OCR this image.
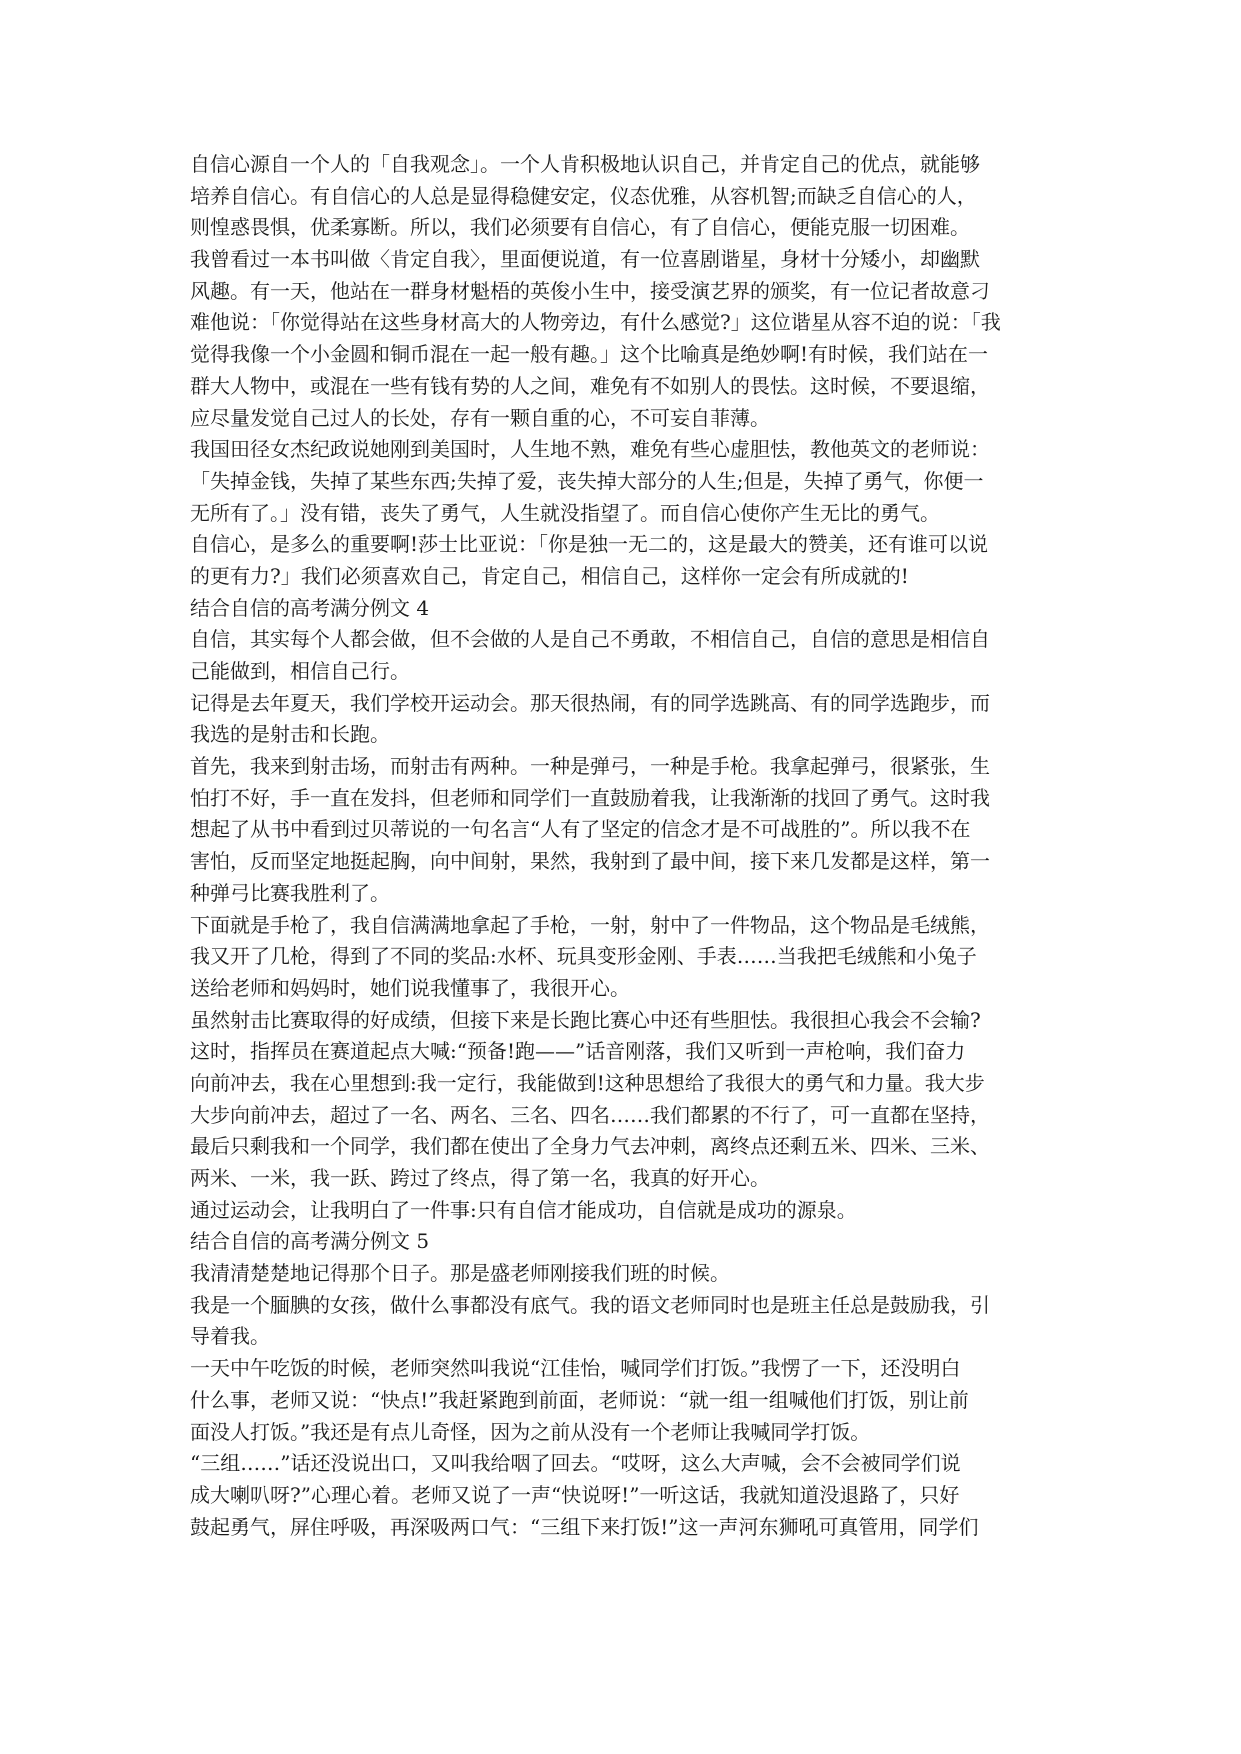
自信心源自一个人的「自我观念」。一个人肯积极地认识自己，并肯定自己的优点，就能够
培养自信心。有自信心的人总是显得稳健安定，仪态优雅，从容机智;而缺乏自信心的人，
则惶惑畏惧，优柔寡断。所以，我们必须要有自信心，有了自信心，便能克服一切困难。
我曾看过一本书叫做〈肯定自我〉，里面便说道，有一位喜剧谐星，身材十分矮小，却幽默
风趣。有一天，他站在一群身材魁梧的英俊小生中，接受演艺界的颁奖，有一位记者故意刁
难他说：「你觉得站在这些身材高大的人物旁边，有什么感觉?」这位谐星从容不迫的说：「我
觉得我像一个小金圆和铜币混在一起一般有趣。」这个比喻真是绝妙啊!有时候，我们站在一
群大人物中，或混在一些有钱有势的人之间，难免有不如别人的畏怯。这时候，不要退缩，
应尽量发觉自己过人的长处，存有一颗自重的心，不可妄自菲薄。
我国田径女杰纪政说她刚到美国时，人生地不熟，难免有些心虚胆怯，教他英文的老师说：
「失掉金钱，失掉了某些东西;失掉了爱，丧失掉大部分的人生;但是，失掉了勇气，你便一
无所有了。」没有错，丧失了勇气，人生就没指望了。而自信心使你产生无比的勇气。
自信心，是多么的重要啊!莎士比亚说：「你是独一无二的，这是最大的赞美，还有谁可以说
的更有力?」我们必须喜欢自己，肯定自己，相信自己，这样你一定会有所成就的!
结合自信的高考满分例文 4
自信，其实每个人都会做，但不会做的人是自己不勇敢，不相信自己，自信的意思是相信自
己能做到，相信自己行。
记得是去年夏天，我们学校开运动会。那天很热闹，有的同学选跳高、有的同学选跑步，而
我选的是射击和长跑。
首先，我来到射击场，而射击有两种。一种是弹弓，一种是手枪。我拿起弹弓，很紧张，生
怕打不好，手一直在发抖，但老师和同学们一直鼓励着我，让我渐渐的找回了勇气。这时我
想起了从书中看到过贝蒂说的一句名言“人有了坚定的信念才是不可战胜的”。所以我不在
害怕，反而坚定地挺起胸，向中间射，果然，我射到了最中间，接下来几发都是这样，第一
种弹弓比赛我胜利了。
下面就是手枪了，我自信满满地拿起了手枪，一射，射中了一件物品，这个物品是毛绒熊，
我又开了几枪，得到了不同的奖品:水杯、玩具变形金刚、手表……当我把毛绒熊和小兔子
送给老师和妈妈时，她们说我懂事了，我很开心。
虽然射击比赛取得的好成绩，但接下来是长跑比赛心中还有些胆怯。我很担心我会不会输?
这时，指挥员在赛道起点大喊:“预备!跑——”话音刚落，我们又听到一声枪响，我们奋力
向前冲去，我在心里想到:我一定行，我能做到!这种思想给了我很大的勇气和力量。我大步
大步向前冲去，超过了一名、两名、三名、四名……我们都累的不行了，可一直都在坚持，
最后只剩我和一个同学，我们都在使出了全身力气去冲刺，离终点还剩五米、四米、三米、
两米、一米，我一跃、跨过了终点，得了第一名，我真的好开心。
通过运动会，让我明白了一件事:只有自信才能成功，自信就是成功的源泉。
结合自信的高考满分例文 5
我清清楚楚地记得那个日子。那是盛老师刚接我们班的时候。
我是一个腼腆的女孩，做什么事都没有底气。我的语文老师同时也是班主任总是鼓励我，引
导着我。
一天中午吃饭的时候，老师突然叫我说“江佳怡，喊同学们打饭。”我愣了一下，还没明白
什么事，老师又说：“快点!”我赶紧跑到前面，老师说：“就一组一组喊他们打饭，别让前
面没人打饭。”我还是有点儿奇怪，因为之前从没有一个老师让我喊同学打饭。
“三组……”话还没说出口，又叫我给咽了回去。“哎呀，这么大声喊，会不会被同学们说
成大喇叭呀?”心理心着。老师又说了一声“快说呀!”一听这话，我就知道没退路了，只好
鼓起勇气，屏住呼吸，再深吸两口气：“三组下来打饭!”这一声河东狮吼可真管用，同学们
